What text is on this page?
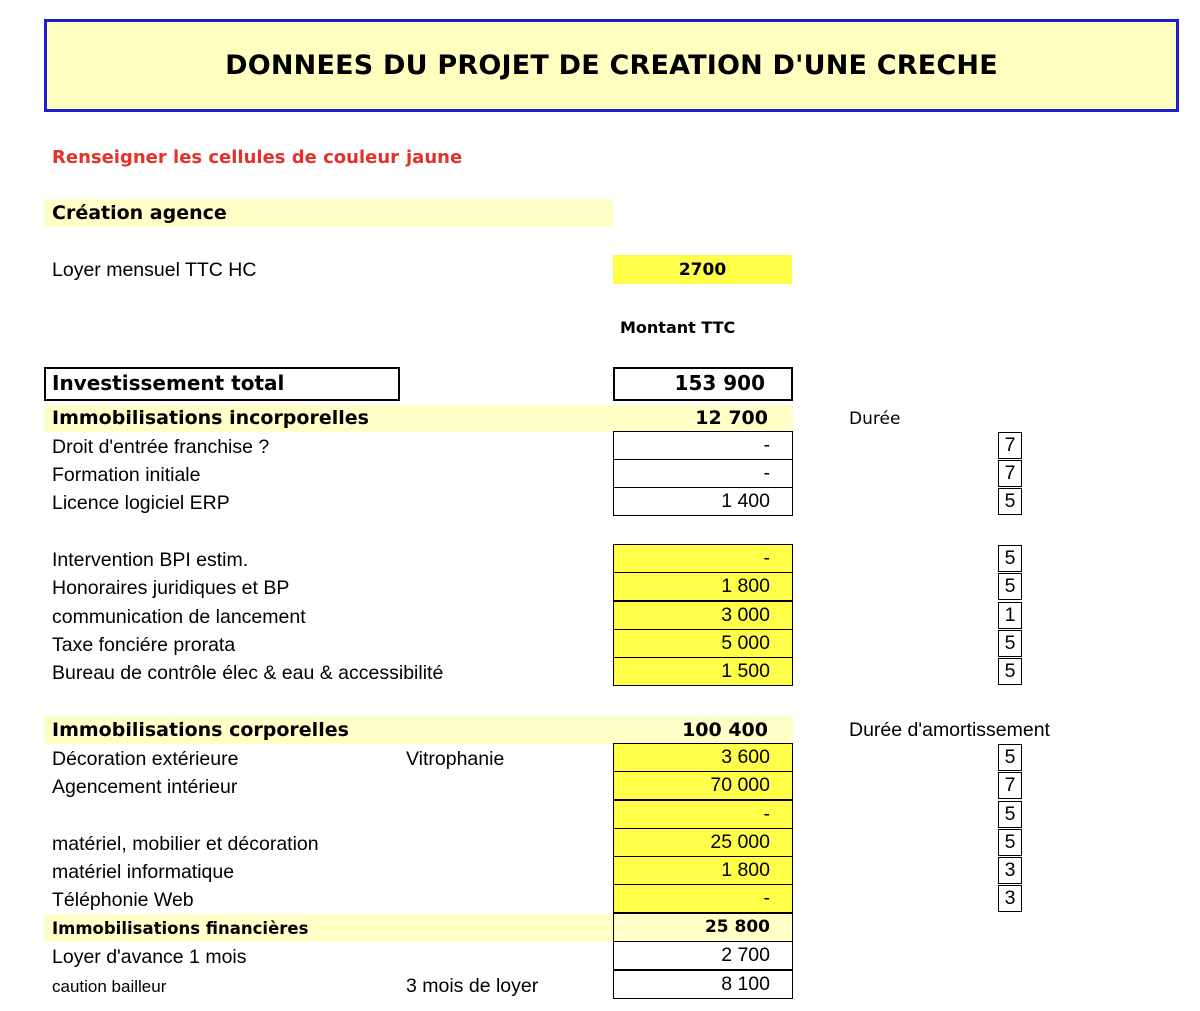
DONNEES DU PROJET DE CREATION D'UNE CRECHE
Renseigner les cellules de couleur jaune
Création agence
Loyer mensuel TTC HC	2700
Montant TTC
Investissement total	153 900
Immobilisations incorporelles	12 700	Durée
Droit d'entrée franchise ?	-	7
Formation initiale	-	7
Licence logiciel ERP	1 400	5
Intervention BPI estim.	-	5
Honoraires juridiques et BP	1 800	5
communication de lancement	3 000	1
Taxe fonciére prorata	5 000	5
Bureau de contrôle élec & eau & accessibilité	1 500	5
Immobilisations corporelles	100 400	Durée d'amortissement
Décoration extérieure	Vitrophanie	3 600	5
Agencement intérieur	70 000	7
-	5
matériel, mobilier et décoration	25 000	5
matériel informatique	1 800	3
Téléphonie Web	-	3
Immobilisations financières	25 800
Loyer d'avance 1 mois	2 700
caution bailleur	3 mois de loyer	8 100
